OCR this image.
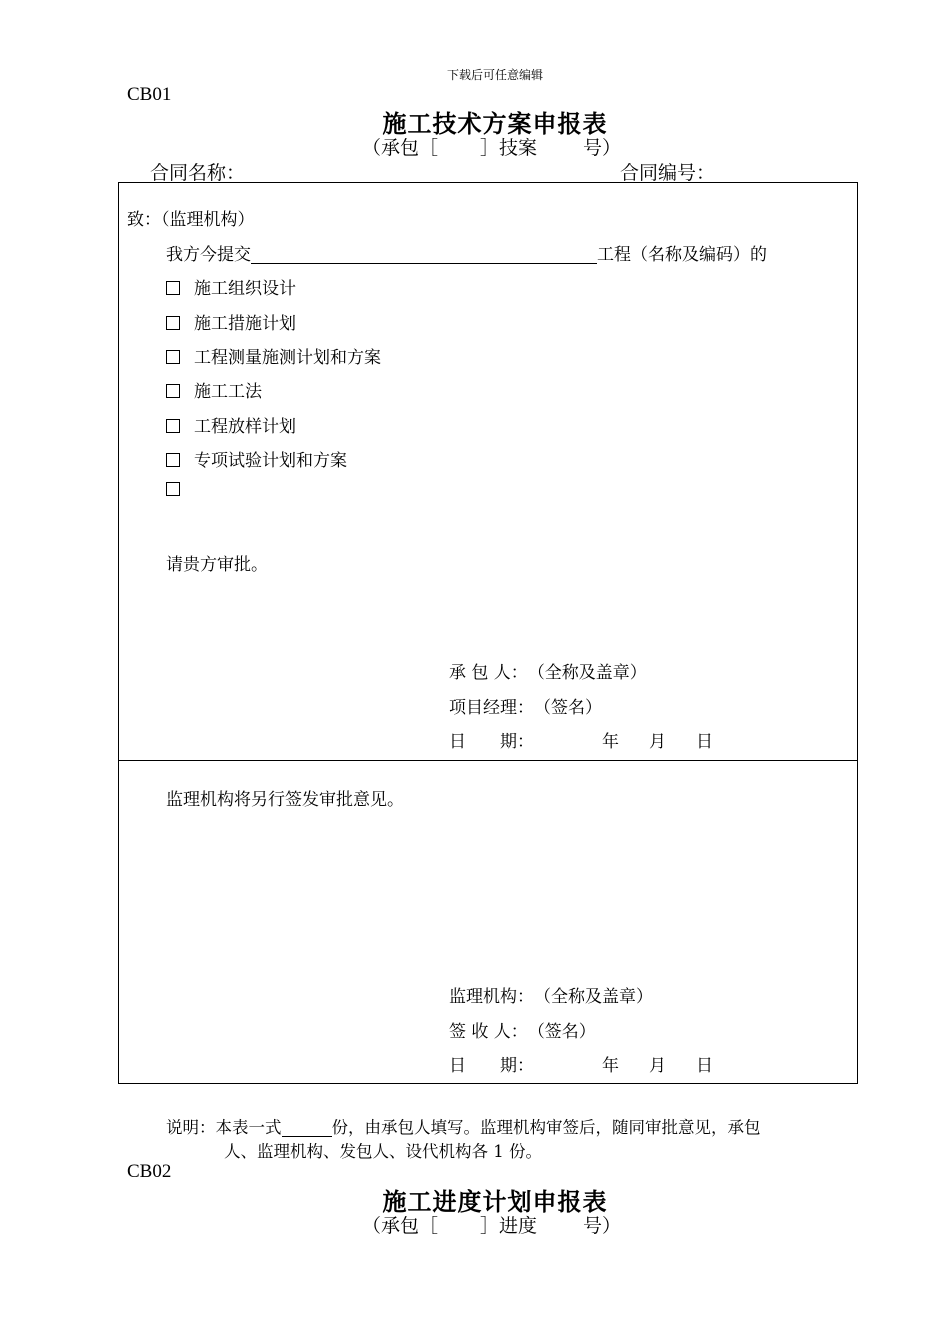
下载后可任意编辑
CB01
施工技术方案申报表
（承包［ ］技案 号）
合同名称：	合同编号：
致：（监理机构）
我方今提交	工程（名称及编码）的
施工组织设计
施工措施计划
工程测量施测计划和方案
施工工法
工程放样计划
专项试验计划和方案
请贵方审批。
承 包 人：（全称及盖章）
项目经理：（签名）
日　　期：	年 月 日
监理机构将另行签发审批意见。
监理机构：（全称及盖章）
签 收 人：（签名）
日　　期：	年 月 日
说明：本表一式	份，由承包人填写。监理机构审签后，随同审批意见，承包
人、监理机构、发包人、设代机构各 1 份。
CB02
施工进度计划申报表
（承包［ ］进度 号）
